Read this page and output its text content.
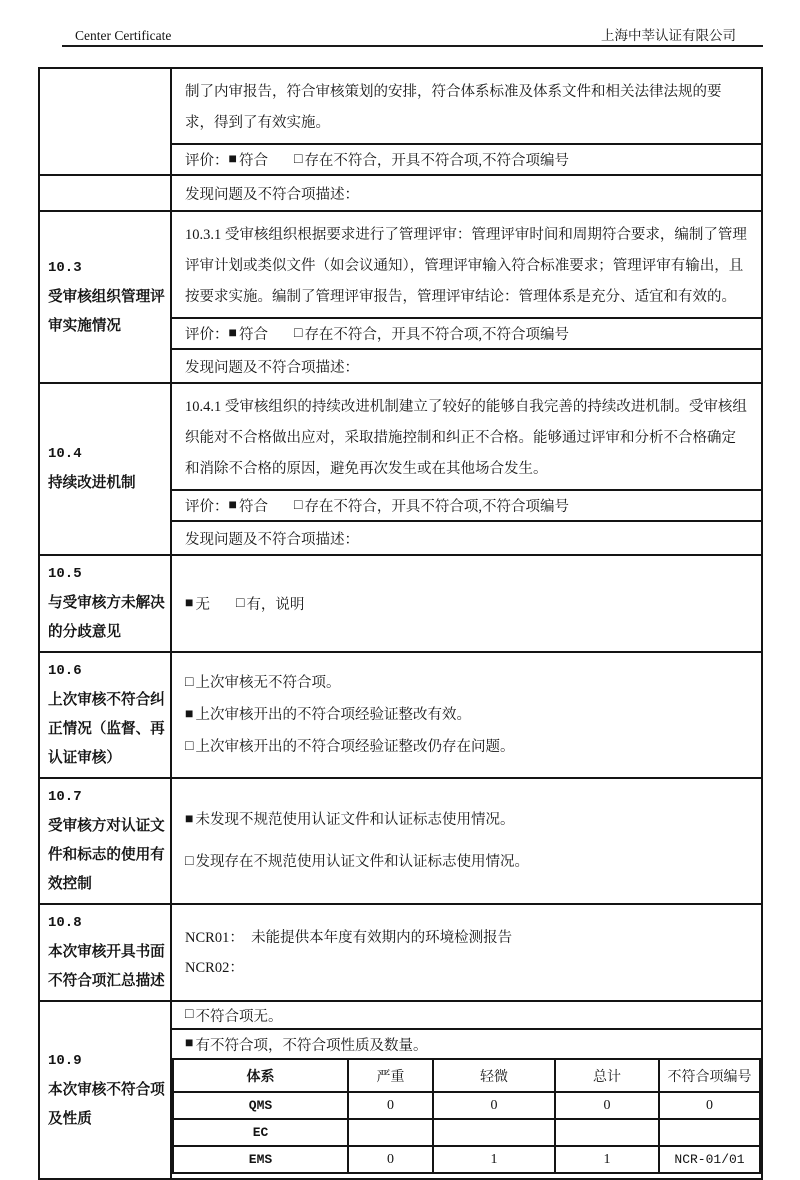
Center Certificate	上海中莘认证有限公司
制了内审报告，符合审核策划的安排，符合体系标准及体系文件和相关法律法规的要求，得到了有效实施。
评价： ■ 符合 □ 存在不符合，开具不符合项,不符合项编号
发现问题及不符合项描述：
10.3
受审核组织管理评审实施情况
10.3.1 受审核组织根据要求进行了管理评审：管理评审时间和周期符合要求，编制了管理评审计划或类似文件（如会议通知），管理评审输入符合标准要求；管理评审有输出，且按要求实施。编制了管理评审报告，管理评审结论：管理体系是充分、适宜和有效的。
评价： ■ 符合 □ 存在不符合，开具不符合项,不符合项编号
发现问题及不符合项描述：
10.4
持续改进机制
10.4.1 受审核组织的持续改进机制建立了较好的能够自我完善的持续改进机制。受审核组织能对不合格做出应对，采取措施控制和纠正不合格。能够通过评审和分析不合格确定和消除不合格的原因，避免再次发生或在其他场合发生。
评价： ■ 符合 □ 存在不符合，开具不符合项,不符合项编号
发现问题及不符合项描述：
10.5
与受审核方未解决的分歧意见
■ 无 □ 有，说明
10.6
上次审核不符合纠正情况（监督、再认证审核）
□ 上次审核无不符合项。
■ 上次审核开出的不符合项经验证整改有效。
□ 上次审核开出的不符合项经验证整改仍存在问题。
10.7
受审核方对认证文件和标志的使用有效控制
■ 未发现不规范使用认证文件和认证标志使用情况。
□ 发现存在不规范使用认证文件和认证标志使用情况。
10.8
本次审核开具书面不符合项汇总描述
NCR01：  未能提供本年度有效期内的环境检测报告
NCR02：
10.9
本次审核不符合项及性质
□ 不符合项无。
■ 有不符合项，不符合项性质及数量。
体系	严重	轻微	总计	不符合项编号
QMS	0	0	0	0
EC				
EMS	0	1	1	NCR-01/01
